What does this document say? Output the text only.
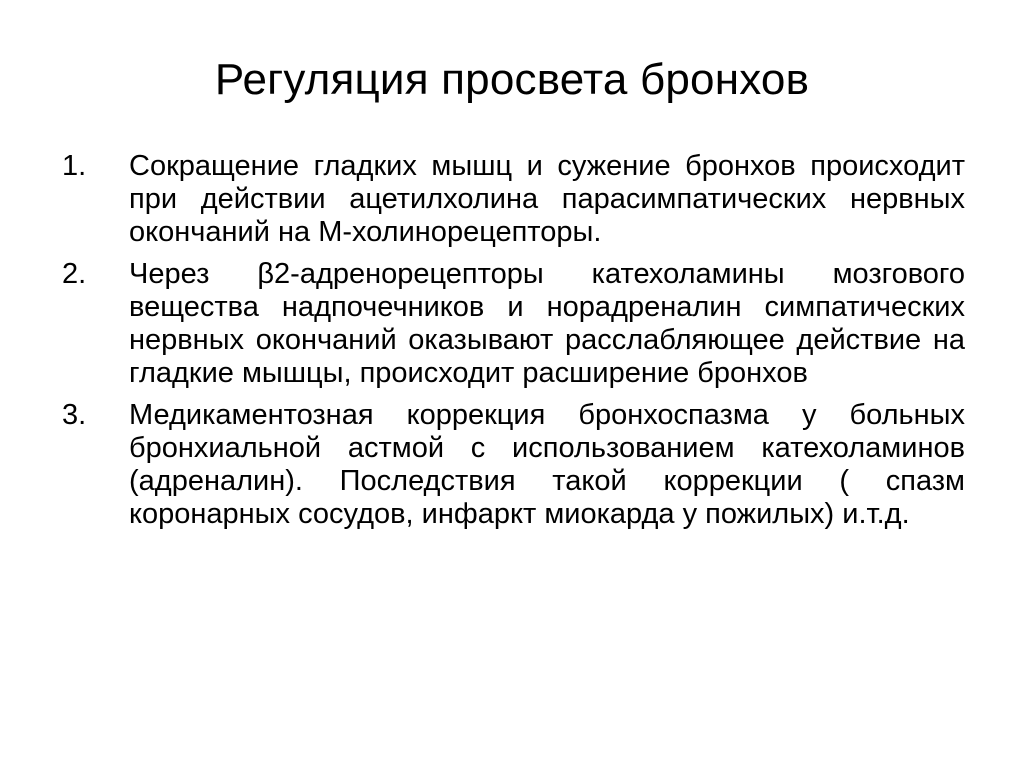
Регуляция просвета бронхов
1. Сокращение гладких мышц и сужение бронхов происходит при действии ацетилхолина парасимпатических нервных окончаний на М-холинорецепторы.
2. Через β2-адренорецепторы катехоламины мозгового вещества надпочечников и норадреналин симпатических нервных окончаний оказывают расслабляющее действие на гладкие мышцы, происходит расширение бронхов
3. Медикаментозная коррекция бронхоспазма у больных бронхиальной астмой с использованием катехоламинов (адреналин). Последствия такой коррекции ( спазм коронарных сосудов, инфаркт миокарда у пожилых) и.т.д.
